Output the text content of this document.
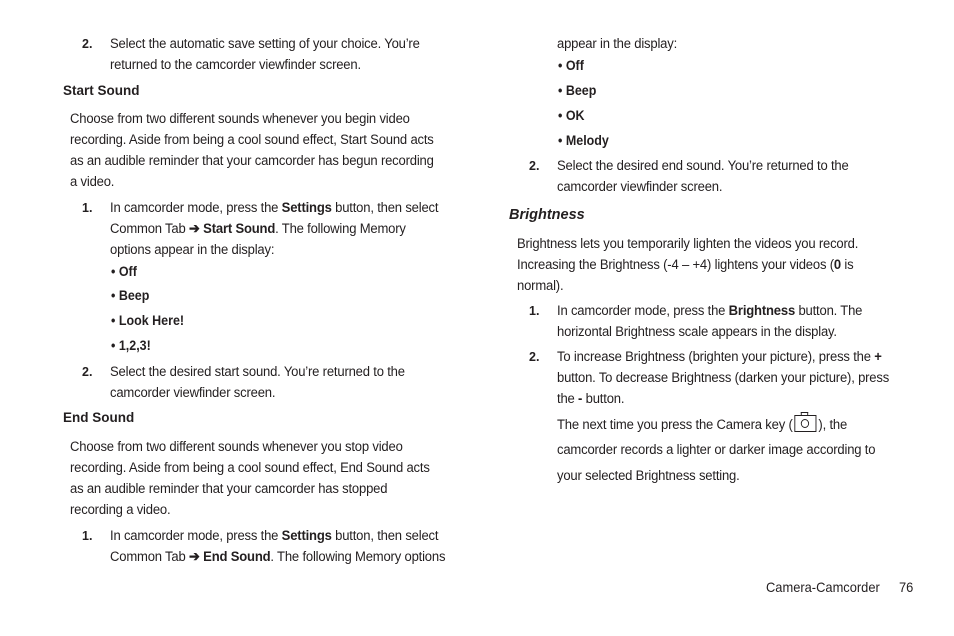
2. Select the automatic save setting of your choice. You’re
returned to the camcorder viewfinder screen.
Start Sound
Choose from two different sounds whenever you begin video
recording. Aside from being a cool sound effect, Start Sound acts
as an audible reminder that your camcorder has begun recording
a video.
1. In camcorder mode, press the Settings button, then select
Common Tab ➔ Start Sound. The following Memory
options appear in the display:
• Off
• Beep
• Look Here!
• 1,2,3!
2. Select the desired start sound. You’re returned to the
camcorder viewfinder screen.
End Sound
Choose from two different sounds whenever you stop video
recording. Aside from being a cool sound effect, End Sound acts
as an audible reminder that your camcorder has stopped
recording a video.
1. In camcorder mode, press the Settings button, then select
Common Tab ➔ End Sound. The following Memory options
appear in the display:
• Off
• Beep
• OK
• Melody
2. Select the desired end sound. You’re returned to the
camcorder viewfinder screen.
Brightness
Brightness lets you temporarily lighten the videos you record.
Increasing the Brightness (-4 – +4) lightens your videos (0 is
normal).
1. In camcorder mode, press the Brightness button. The
horizontal Brightness scale appears in the display.
2. To increase Brightness (brighten your picture), press the +
button. To decrease Brightness (darken your picture), press
the - button.
The next time you press the Camera key ( ), the
camcorder records a lighter or darker image according to
your selected Brightness setting.
Camera-Camcorder 76
